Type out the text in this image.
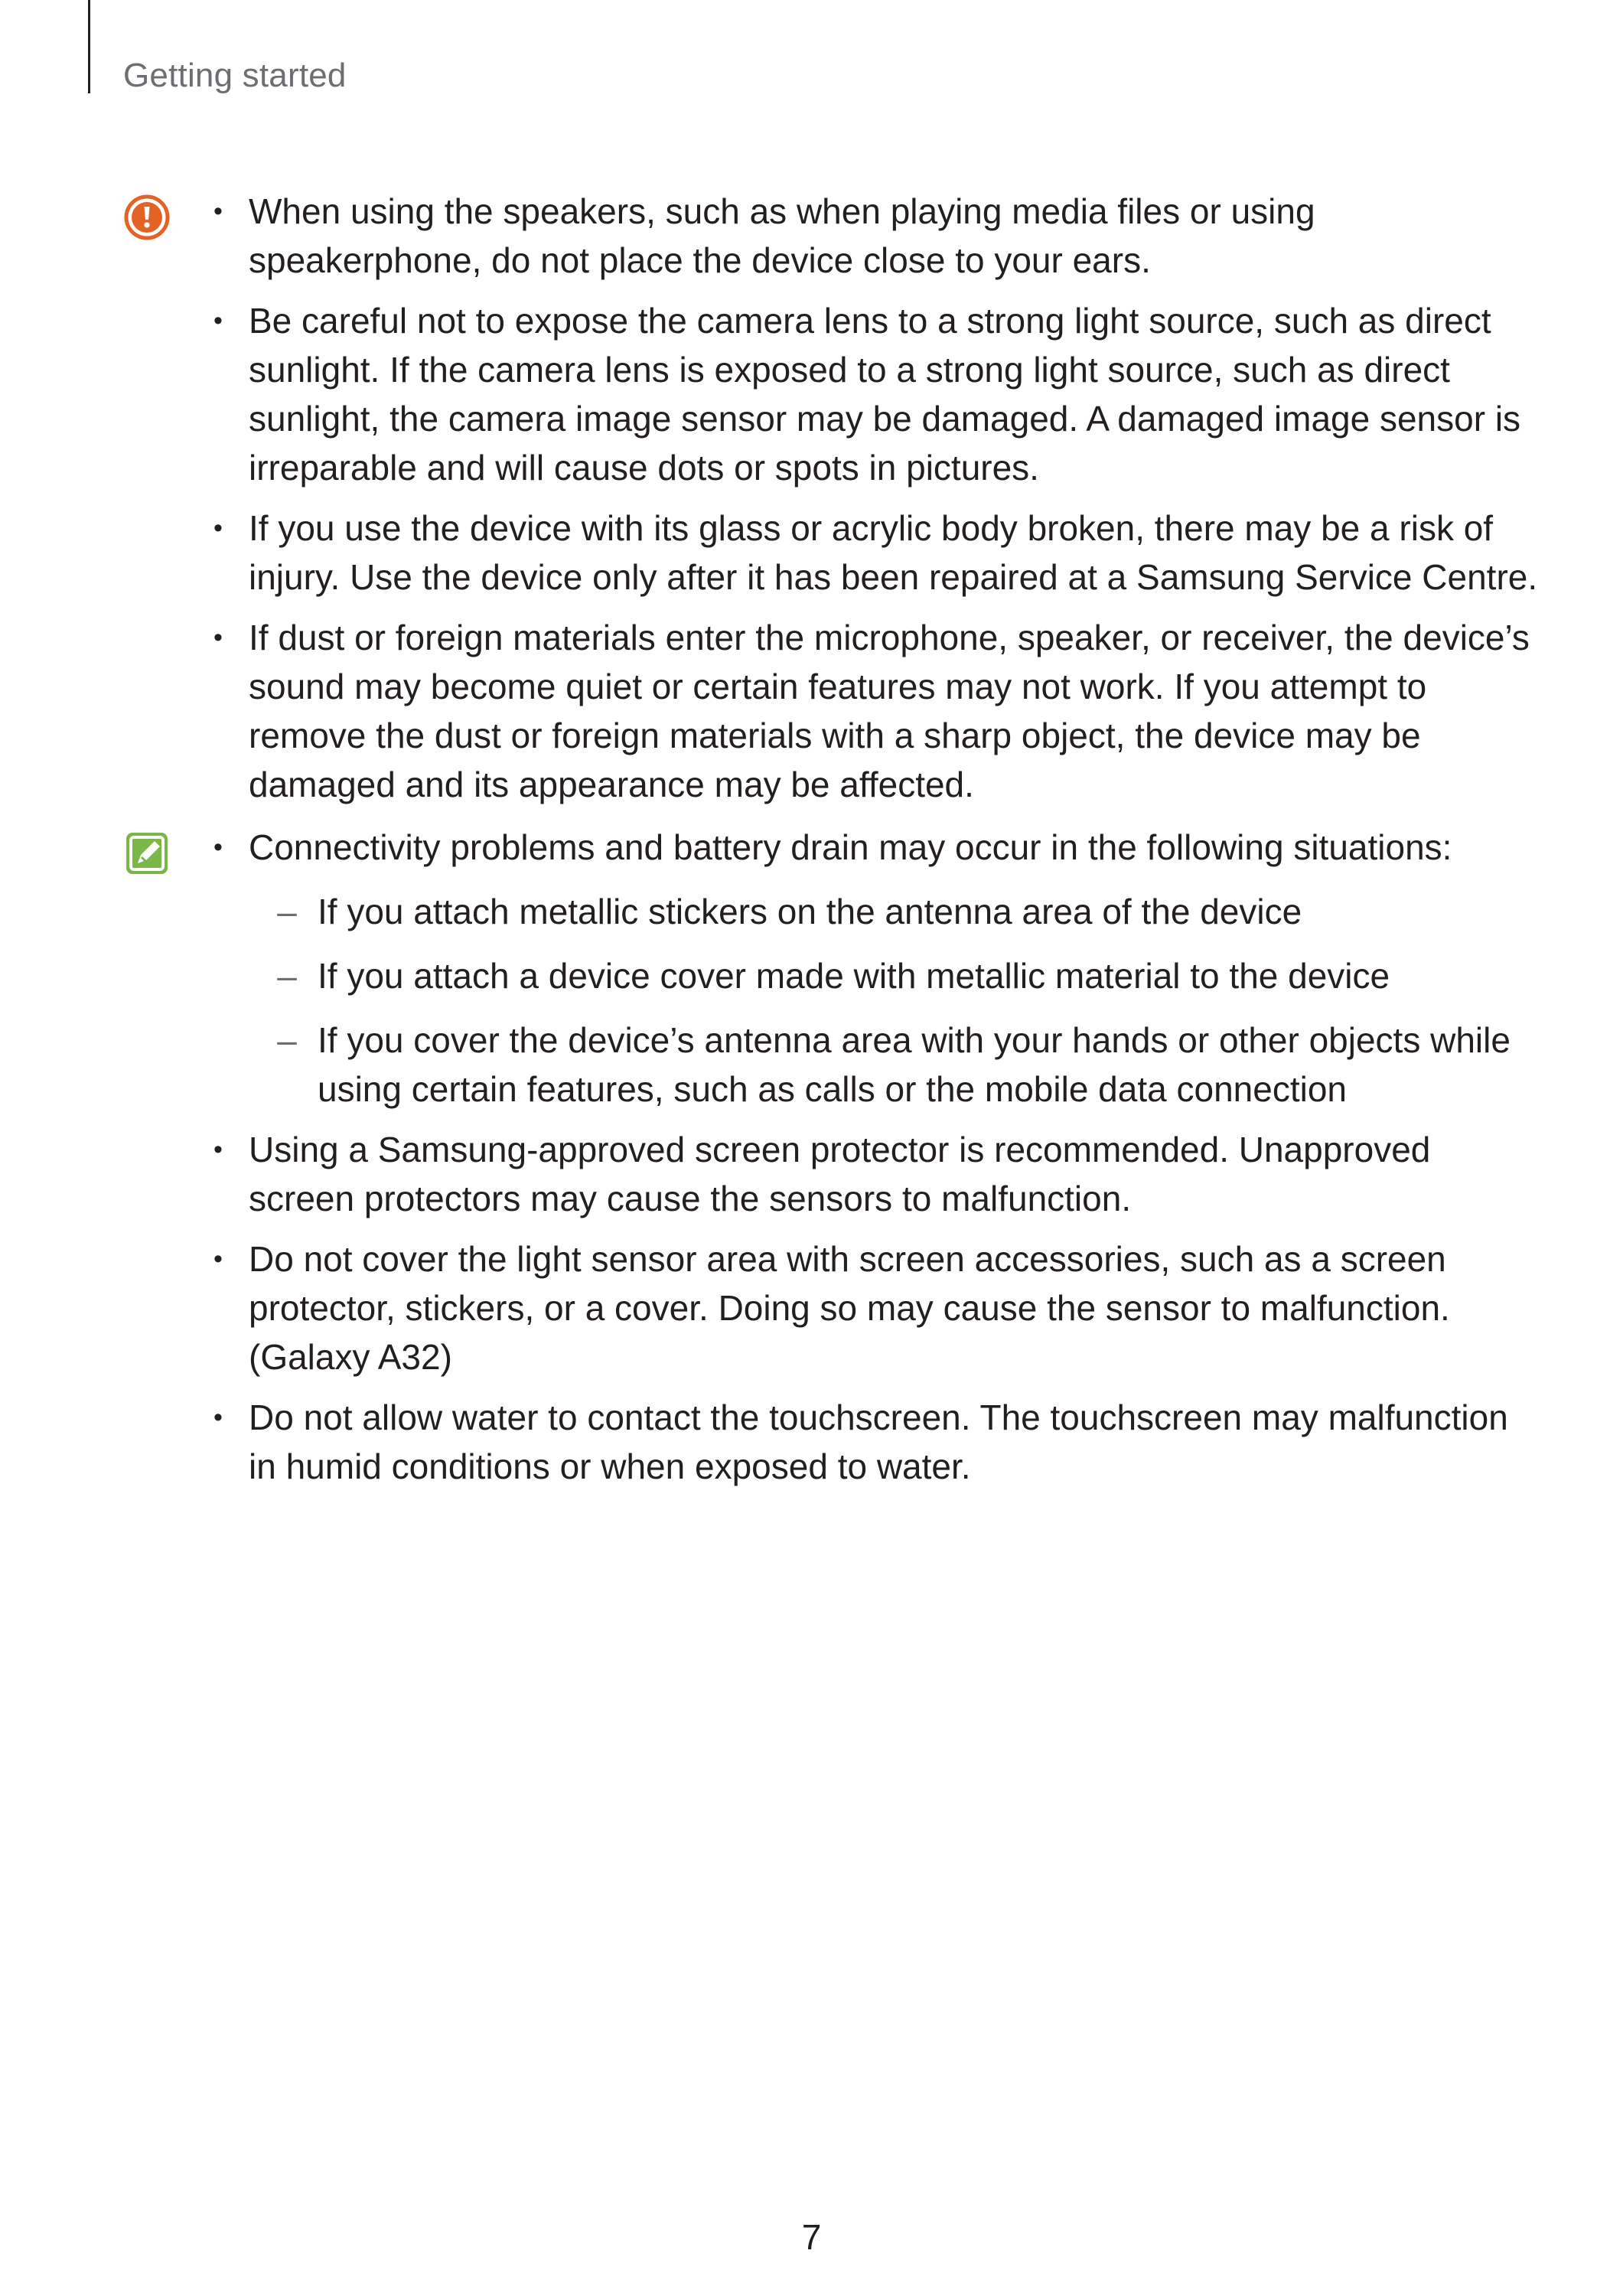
Getting started
• When using the speakers, such as when playing media files or using speakerphone, do not place the device close to your ears.
• Be careful not to expose the camera lens to a strong light source, such as direct sunlight. If the camera lens is exposed to a strong light source, such as direct sunlight, the camera image sensor may be damaged. A damaged image sensor is irreparable and will cause dots or spots in pictures.
• If you use the device with its glass or acrylic body broken, there may be a risk of injury. Use the device only after it has been repaired at a Samsung Service Centre.
• If dust or foreign materials enter the microphone, speaker, or receiver, the device’s sound may become quiet or certain features may not work. If you attempt to remove the dust or foreign materials with a sharp object, the device may be damaged and its appearance may be affected.
• Connectivity problems and battery drain may occur in the following situations:
– If you attach metallic stickers on the antenna area of the device
– If you attach a device cover made with metallic material to the device
– If you cover the device’s antenna area with your hands or other objects while using certain features, such as calls or the mobile data connection
• Using a Samsung-approved screen protector is recommended. Unapproved screen protectors may cause the sensors to malfunction.
• Do not cover the light sensor area with screen accessories, such as a screen protector, stickers, or a cover. Doing so may cause the sensor to malfunction. (Galaxy A32)
• Do not allow water to contact the touchscreen. The touchscreen may malfunction in humid conditions or when exposed to water.
7
